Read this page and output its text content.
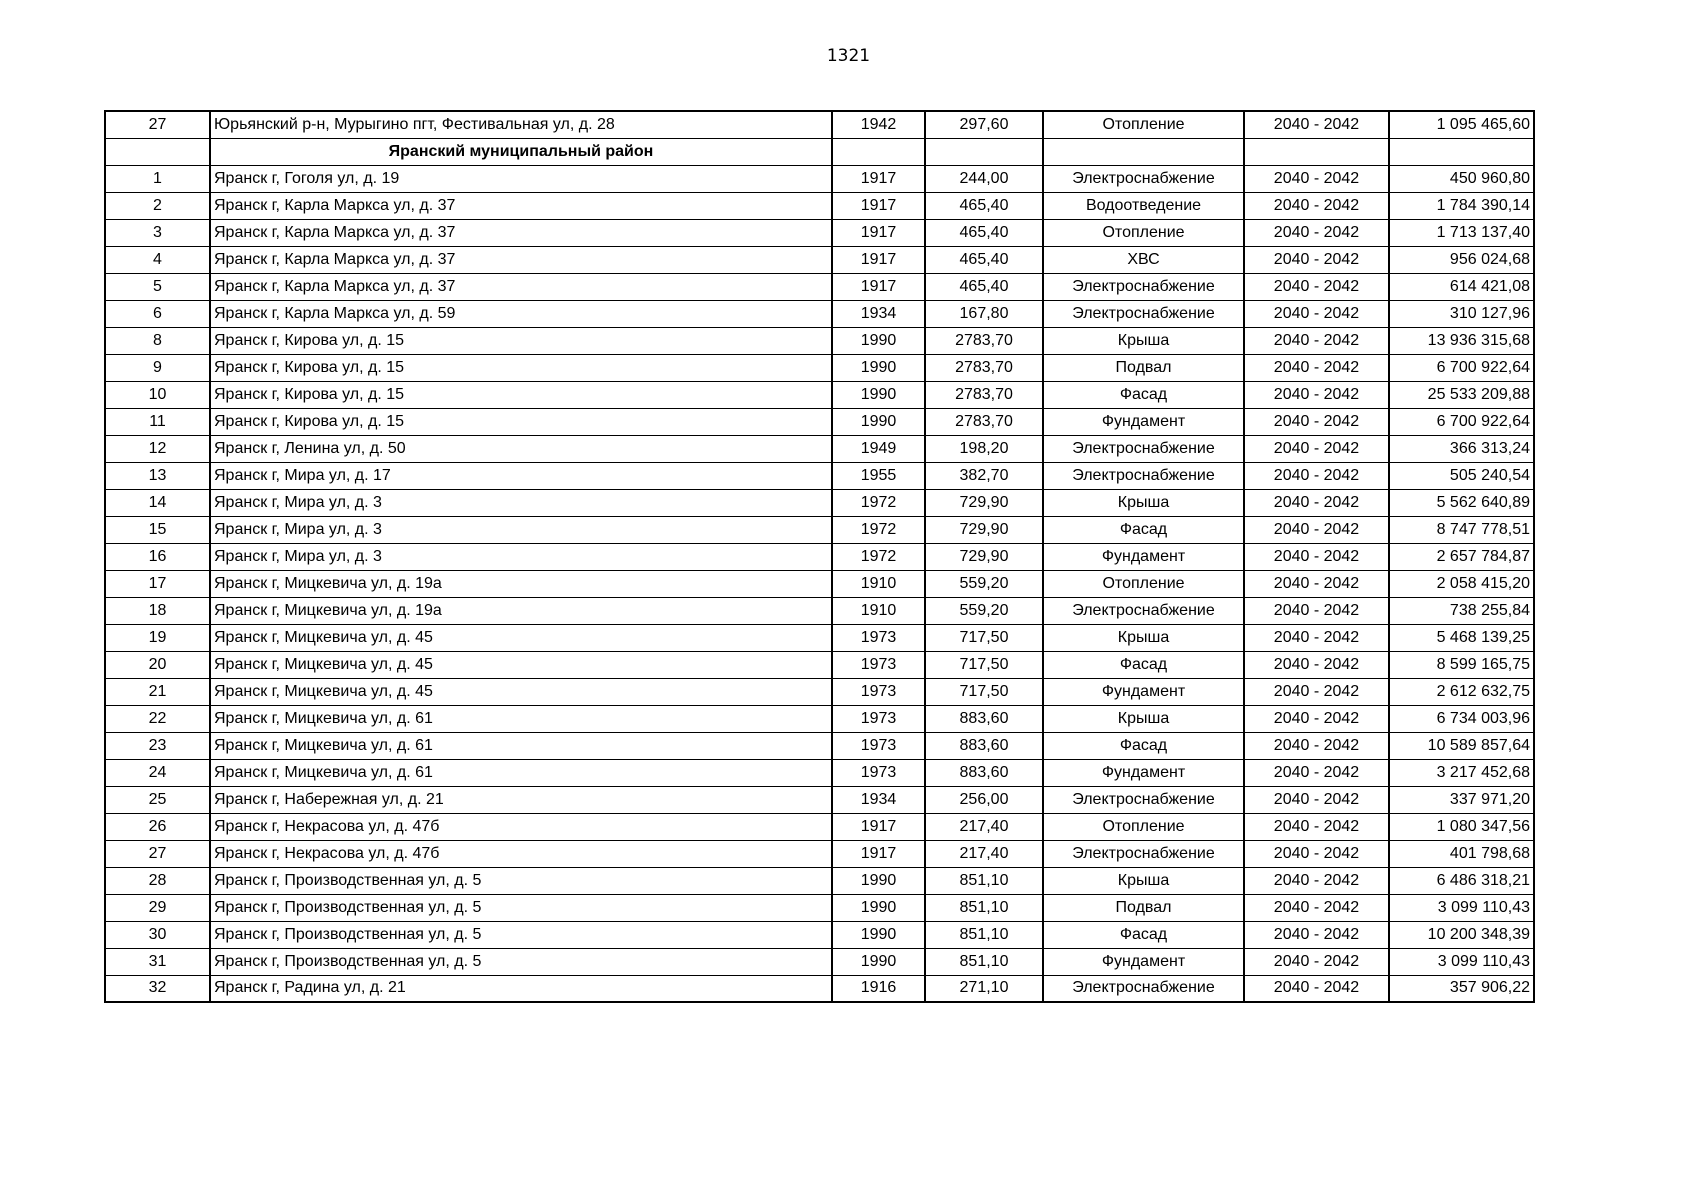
1321
27	Юрьянский р-н, Мурыгино пгт, Фестивальная ул, д. 28	1942	297,60	Отопление	2040 - 2042	1 095 465,60
	Яранский муниципальный район					
1	Яранск г, Гоголя ул, д. 19	1917	244,00	Электроснабжение	2040 - 2042	450 960,80
2	Яранск г, Карла Маркса ул, д. 37	1917	465,40	Водоотведение	2040 - 2042	1 784 390,14
3	Яранск г, Карла Маркса ул, д. 37	1917	465,40	Отопление	2040 - 2042	1 713 137,40
4	Яранск г, Карла Маркса ул, д. 37	1917	465,40	ХВС	2040 - 2042	956 024,68
5	Яранск г, Карла Маркса ул, д. 37	1917	465,40	Электроснабжение	2040 - 2042	614 421,08
6	Яранск г, Карла Маркса ул, д. 59	1934	167,80	Электроснабжение	2040 - 2042	310 127,96
8	Яранск г, Кирова ул, д. 15	1990	2783,70	Крыша	2040 - 2042	13 936 315,68
9	Яранск г, Кирова ул, д. 15	1990	2783,70	Подвал	2040 - 2042	6 700 922,64
10	Яранск г, Кирова ул, д. 15	1990	2783,70	Фасад	2040 - 2042	25 533 209,88
11	Яранск г, Кирова ул, д. 15	1990	2783,70	Фундамент	2040 - 2042	6 700 922,64
12	Яранск г, Ленина ул, д. 50	1949	198,20	Электроснабжение	2040 - 2042	366 313,24
13	Яранск г, Мира ул, д. 17	1955	382,70	Электроснабжение	2040 - 2042	505 240,54
14	Яранск г, Мира ул, д. 3	1972	729,90	Крыша	2040 - 2042	5 562 640,89
15	Яранск г, Мира ул, д. 3	1972	729,90	Фасад	2040 - 2042	8 747 778,51
16	Яранск г, Мира ул, д. 3	1972	729,90	Фундамент	2040 - 2042	2 657 784,87
17	Яранск г, Мицкевича ул, д. 19а	1910	559,20	Отопление	2040 - 2042	2 058 415,20
18	Яранск г, Мицкевича ул, д. 19а	1910	559,20	Электроснабжение	2040 - 2042	738 255,84
19	Яранск г, Мицкевича ул, д. 45	1973	717,50	Крыша	2040 - 2042	5 468 139,25
20	Яранск г, Мицкевича ул, д. 45	1973	717,50	Фасад	2040 - 2042	8 599 165,75
21	Яранск г, Мицкевича ул, д. 45	1973	717,50	Фундамент	2040 - 2042	2 612 632,75
22	Яранск г, Мицкевича ул, д. 61	1973	883,60	Крыша	2040 - 2042	6 734 003,96
23	Яранск г, Мицкевича ул, д. 61	1973	883,60	Фасад	2040 - 2042	10 589 857,64
24	Яранск г, Мицкевича ул, д. 61	1973	883,60	Фундамент	2040 - 2042	3 217 452,68
25	Яранск г, Набережная ул, д. 21	1934	256,00	Электроснабжение	2040 - 2042	337 971,20
26	Яранск г, Некрасова ул, д. 47б	1917	217,40	Отопление	2040 - 2042	1 080 347,56
27	Яранск г, Некрасова ул, д. 47б	1917	217,40	Электроснабжение	2040 - 2042	401 798,68
28	Яранск г, Производственная ул, д. 5	1990	851,10	Крыша	2040 - 2042	6 486 318,21
29	Яранск г, Производственная ул, д. 5	1990	851,10	Подвал	2040 - 2042	3 099 110,43
30	Яранск г, Производственная ул, д. 5	1990	851,10	Фасад	2040 - 2042	10 200 348,39
31	Яранск г, Производственная ул, д. 5	1990	851,10	Фундамент	2040 - 2042	3 099 110,43
32	Яранск г, Радина ул, д. 21	1916	271,10	Электроснабжение	2040 - 2042	357 906,22
